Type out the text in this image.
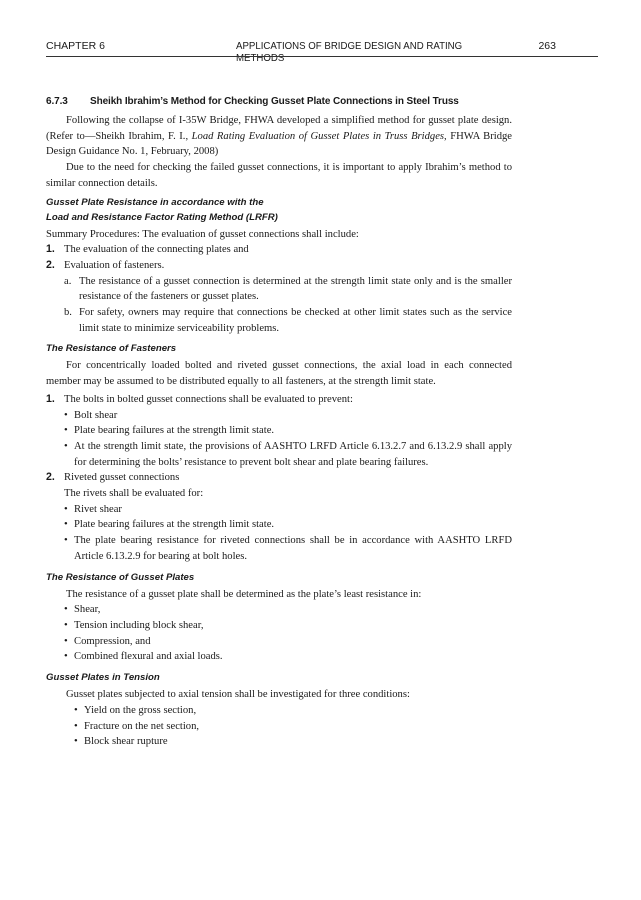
CHAPTER 6	APPLICATIONS OF BRIDGE DESIGN AND RATING METHODS
263
6.7.3 Sheikh Ibrahim’s Method for Checking Gusset Plate Connections in Steel Truss

Following the collapse of I-35W Bridge, FHWA developed a simplified method for gusset plate design. (Refer to—Sheikh Ibrahim, F. I., Load Rating Evaluation of Gusset Plates in Truss Bridges, FHWA Bridge Design Guidance No. 1, February, 2008)

Due to the need for checking the failed gusset connections, it is important to apply Ibrahim’s method to similar connection details.

Gusset Plate Resistance in accordance with the
Load and Resistance Factor Rating Method (LRFR)

Summary Procedures: The evaluation of gusset connections shall include:

1. The evaluation of the connecting plates and
2. Evaluation of fasteners.
a. The resistance of a gusset connection is determined at the strength limit state only and is the smaller resistance of the fasteners or gusset plates.
b. For safety, owners may require that connections be checked at other limit states such as the service limit state to minimize serviceability problems.
The Resistance of Fasteners

For concentrically loaded bolted and riveted gusset connections, the axial load in each connected member may be assumed to be distributed equally to all fasteners, at the strength limit state.

1. The bolts in bolted gusset connections shall be evaluated to prevent:
• Bolt shear
• Plate bearing failures at the strength limit state.
• At the strength limit state, the provisions of AASHTO LRFD Article 6.13.2.7 and 6.13.2.9 shall apply for determining the bolts’ resistance to prevent bolt shear and plate bearing failures.
2. Riveted gusset connections
The rivets shall be evaluated for:
• Rivet shear
• Plate bearing failures at the strength limit state.
• The plate bearing resistance for riveted connections shall be in accordance with AASHTO LRFD Article 6.13.2.9 for bearing at bolt holes.
The Resistance of Gusset Plates

The resistance of a gusset plate shall be determined as the plate’s least resistance in:

• Shear,
• Tension including block shear,
• Compression, and
• Combined flexural and axial loads.
Gusset Plates in Tension

Gusset plates subjected to axial tension shall be investigated for three conditions:

• Yield on the gross section,
• Fracture on the net section,
• Block shear rupture
